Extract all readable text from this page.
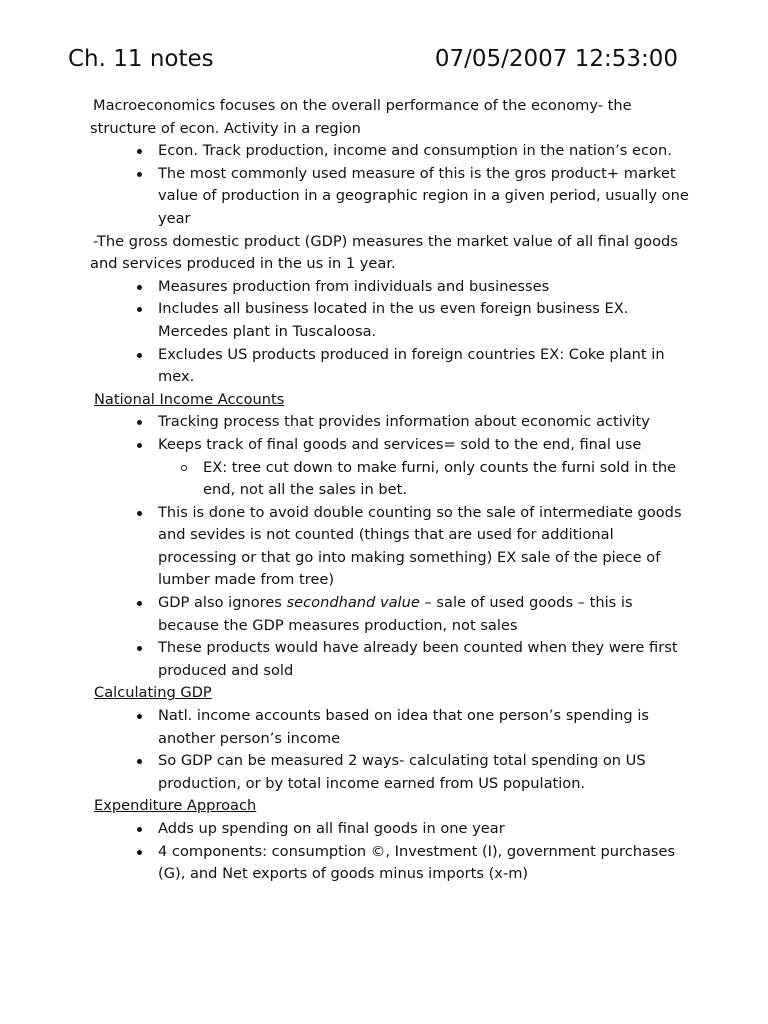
Ch. 11 notes	07/05/2007 12:53:00

Macroeconomics focuses on the overall performance of the economy- the structure of econ. Activity in a region

Econ. Track production, income and consumption in the nation’s econ.
The most commonly used measure of this is the gros product+ market value of production in a geographic region in a given period, usually one year

-The gross domestic product (GDP) measures the market value of all final goods and services produced in the us in 1 year.

Measures production from individuals and businesses
Includes all business located in the us even foreign business EX. Mercedes plant in Tuscaloosa.
Excludes US products produced in foreign countries EX: Coke plant in mex.

National Income Accounts

Tracking process that provides information about economic activity
Keeps track of final goods and services= sold to the end, final use
EX: tree cut down to make furni, only counts the furni sold in the end, not all the sales in bet.
This is done to avoid double counting so the sale of intermediate goods and sevides is not counted (things that are used for additional processing or that go into making something) EX sale of the piece of lumber made from tree)
GDP also ignores secondhand value – sale of used goods – this is because the GDP measures production, not sales
These products would have already been counted when they were first produced and sold

Calculating GDP

Natl. income accounts based on idea that one person’s spending is another person’s income
So GDP can be measured 2 ways- calculating total spending on US production, or by total income earned from US population.

Expenditure Approach

Adds up spending on all final goods in one year
4 components: consumption ©, Investment (I), government purchases (G), and Net exports of goods minus imports (x-m)
